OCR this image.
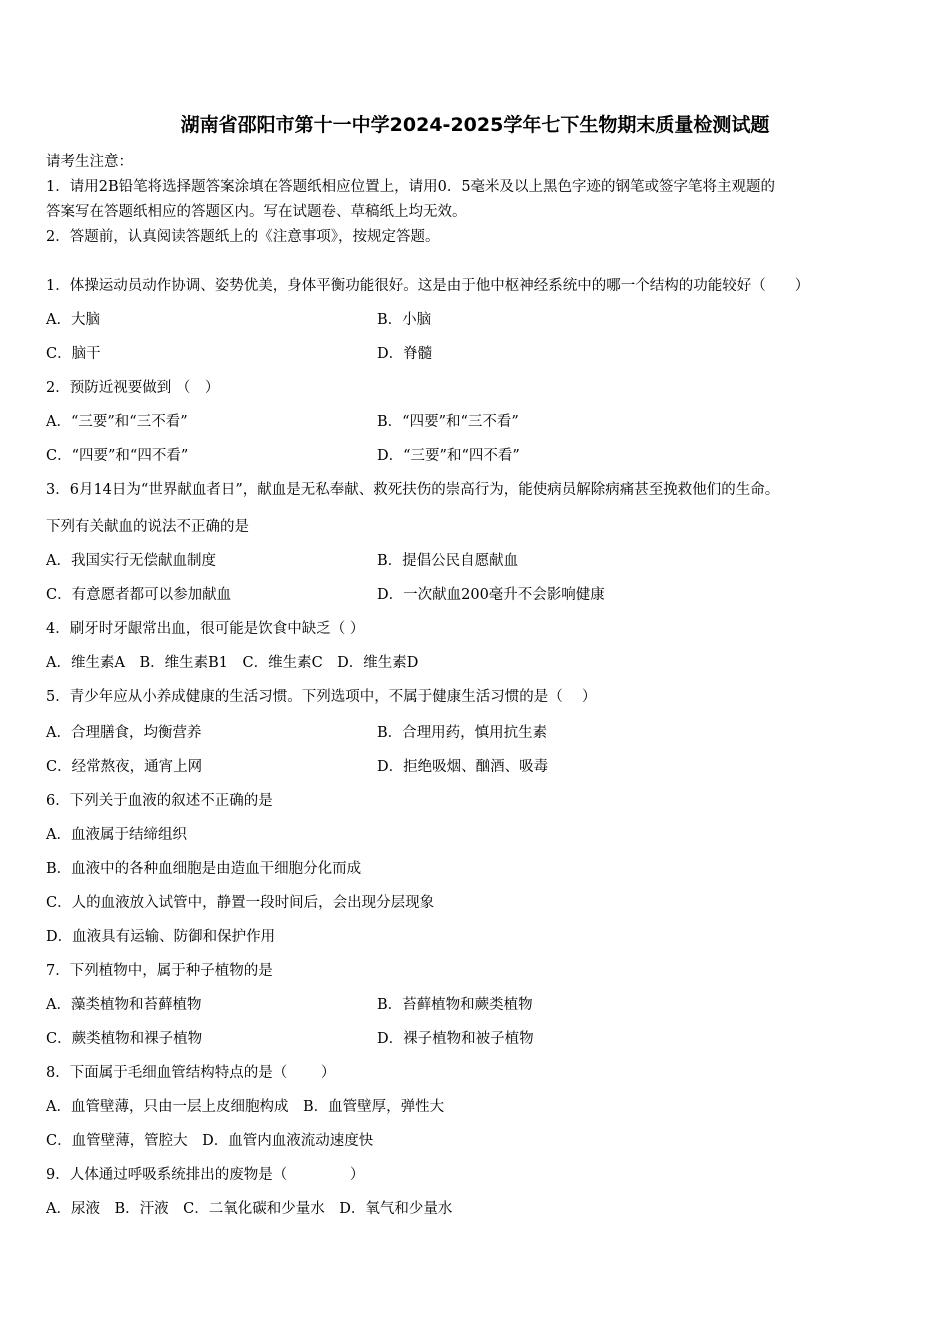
湖南省邵阳市第十一中学2024-2025学年七下生物期末质量检测试题
请考生注意：
1．请用2B铅笔将选择题答案涂填在答题纸相应位置上，请用0．5毫米及以上黑色字迹的钢笔或签字笔将主观题的
答案写在答题纸相应的答题区内。写在试题卷、草稿纸上均无效。
2．答题前，认真阅读答题纸上的《注意事项》，按规定答题。
1．体操运动员动作协调、姿势优美，身体平衡功能很好。这是由于他中枢神经系统中的哪一个结构的功能较好（　　）
A．大脑	B．小脑
C．脑干	D．脊髓
2．预防近视要做到 （　）
A．“三要”和“三不看”	B．“四要”和“三不看”
C．“四要”和“四不看”	D．“三要”和“四不看”
3．6月14日为“世界献血者日”，献血是无私奉献、救死扶伤的崇高行为，能使病员解除病痛甚至挽救他们的生命。
下列有关献血的说法不正确的是
A．我国实行无偿献血制度	B．提倡公民自愿献血
C．有意愿者都可以参加献血	D．一次献血200毫升不会影响健康
4．刷牙时牙龈常出血，很可能是饮食中缺乏（ ）
A．维生素A　B．维生素B1　C．维生素C　D．维生素D
5．青少年应从小养成健康的生活习惯。下列选项中，不属于健康生活习惯的是（　 ）
A．合理膳食，均衡营养	B．合理用药，慎用抗生素
C．经常熬夜，通宵上网	D．拒绝吸烟、酗酒、吸毒
6．下列关于血液的叙述不正确的是
A．血液属于结缔组织
B．血液中的各种血细胞是由造血干细胞分化而成
C．人的血液放入试管中，静置一段时间后，会出现分层现象
D．血液具有运输、防御和保护作用
7．下列植物中，属于种子植物的是
A．藻类植物和苔藓植物	B．苔藓植物和蕨类植物
C．蕨类植物和裸子植物	D．裸子植物和被子植物
8．下面属于毛细血管结构特点的是（　　 ）
A．血管壁薄，只由一层上皮细胞构成　B．血管壁厚，弹性大
C．血管壁薄，管腔大　D．血管内血液流动速度快
9．人体通过呼吸系统排出的废物是（　　　　 ）
A．尿液　B．汗液　C．二氧化碳和少量水　D．氧气和少量水
